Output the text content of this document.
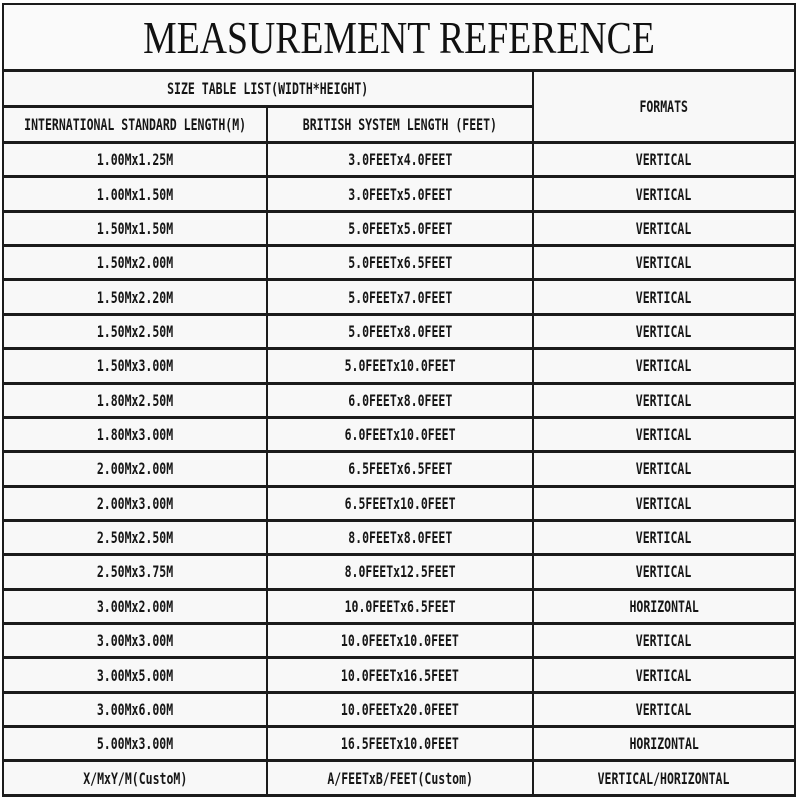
MEASUREMENT REFERENCE		

SIZE TABLE LIST(WIDTH*HEIGHT)		FORMATS

INTERNATIONAL STANDARD LENGTH(M)	BRITISH SYSTEM LENGTH (FEET)	

1.00Mx1.25M	3.0FEETx4.0FEET	VERTICAL

1.00Mx1.50M	3.0FEETx5.0FEET	VERTICAL

1.50Mx1.50M	5.0FEETx5.0FEET	VERTICAL

1.50Mx2.00M	5.0FEETx6.5FEET	VERTICAL

1.50Mx2.20M	5.0FEETx7.0FEET	VERTICAL

1.50Mx2.50M	5.0FEETx8.0FEET	VERTICAL

1.50Mx3.00M	5.0FEETx10.0FEET	VERTICAL

1.80Mx2.50M	6.0FEETx8.0FEET	VERTICAL

1.80Mx3.00M	6.0FEETx10.0FEET	VERTICAL

2.00Mx2.00M	6.5FEETx6.5FEET	VERTICAL

2.00Mx3.00M	6.5FEETx10.0FEET	VERTICAL

2.50Mx2.50M	8.0FEETx8.0FEET	VERTICAL

2.50Mx3.75M	8.0FEETx12.5FEET	VERTICAL

3.00Mx2.00M	10.0FEETx6.5FEET	HORIZONTAL

3.00Mx3.00M	10.0FEETx10.0FEET	VERTICAL

3.00Mx5.00M	10.0FEETx16.5FEET	VERTICAL

3.00Mx6.00M	10.0FEETx20.0FEET	VERTICAL

5.00Mx3.00M	16.5FEETx10.0FEET	HORIZONTAL

X/MxY/M(CustoM)	A/FEETxB/FEET(Custom)	VERTICAL/HORIZONTAL
